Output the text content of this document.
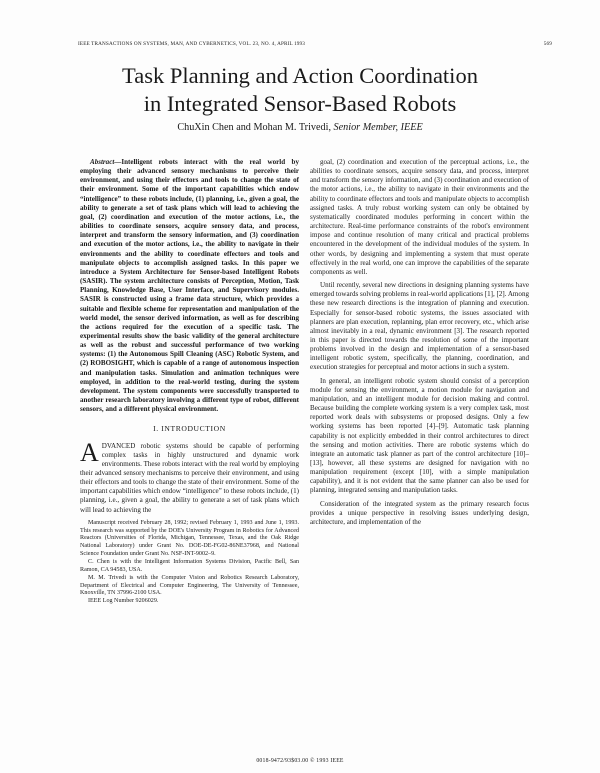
IEEE TRANSACTIONS ON SYSTEMS, MAN, AND CYBERNETICS, VOL. 23, NO. 4, APRIL 1993	569
Task Planning and Action Coordination
in Integrated Sensor-Based Robots
ChuXin Chen and Mohan M. Trivedi, Senior Member, IEEE

Abstract—Intelligent robots interact with the real world by employing their advanced sensory mechanisms to perceive their environment, and using their effectors and tools to change the state of their environment. Some of the important capabilities which endow “intelligence” to these robots include, (1) planning, i.e., given a goal, the ability to generate a set of task plans which will lead to achieving the goal, (2) coordination and execution of the motor actions, i.e., the abilities to coordinate sensors, acquire sensory data, and process, interpret and transform the sensory information, and (3) coordination and execution of the motor actions, i.e., the ability to navigate in their environments and the ability to coordinate effectors and tools and manipulate objects to accomplish assigned tasks. In this paper we introduce a System Architecture for Sensor-based Intelligent Robots (SASIR). The system architecture consists of Perception, Motion, Task Planning, Knowledge Base, User Interface, and Supervisory modules. SASIR is constructed using a frame data structure, which provides a suitable and flexible scheme for representation and manipulation of the world model, the sensor derived information, as well as for describing the actions required for the execution of a specific task. The experimental results show the basic validity of the general architecture as well as the robust and successful performance of two working systems: (1) the Autonomous Spill Cleaning (ASC) Robotic System, and (2) ROBOSIGHT, which is capable of a range of autonomous inspection and manipulation tasks. Simulation and animation techniques were employed, in addition to the real-world testing, during the system development. The system components were successfully transported to another research laboratory involving a different type of robot, different sensors, and a different physical environment.

I. INTRODUCTION

ADVANCED robotic systems should be capable of performing complex tasks in highly unstructured and dynamic work environments. These robots interact with the real world by employing their advanced sensory mechanisms to perceive their environment, and using their effectors and tools to change the state of their environment. Some of the important capabilities which endow “intelligence” to these robots include, (1) planning, i.e., given a goal, the ability to generate a set of task plans which will lead to achieving the

Manuscript received February 28, 1992; revised February 1, 1993 and June 1, 1993. This research was supported by the DOE's University Program in Robotics for Advanced Reactors (Universities of Florida, Michigan, Tennessee, Texas, and the Oak Ridge National Laboratory) under Grant No. DOE-DE-FG02-86NE37968, and National Science Foundation under Grant No. NSF-INT-9002–9.

C. Chen is with the Intelligent Information Systems Division, Pacific Bell, San Ramon, CA 94583, USA.

M. M. Trivedi is with the Computer Vision and Robotics Research Laboratory, Department of Electrical and Computer Engineering, The University of Tennessee, Knoxville, TN 37996-2100 USA.

IEEE Log Number 9206029.

goal, (2) coordination and execution of the perceptual actions, i.e., the abilities to coordinate sensors, acquire sensory data, and process, interpret and transform the sensory information, and (3) coordination and execution of the motor actions, i.e., the ability to navigate in their environments and the ability to coordinate effectors and tools and manipulate objects to accomplish assigned tasks. A truly robust working system can only be obtained by systematically coordinated modules performing in concert within the architecture. Real-time performance constraints of the robot's environment impose and continue resolution of many critical and practical problems encountered in the development of the individual modules of the system. In other words, by designing and implementing a system that must operate effectively in the real world, one can improve the capabilities of the separate components as well.

Until recently, several new directions in designing planning systems have emerged towards solving problems in real-world applications [1], [2]. Among these new research directions is the integration of planning and execution. Especially for sensor-based robotic systems, the issues associated with planners are plan execution, replanning, plan error recovery, etc., which arise almost inevitably in a real, dynamic environment [3]. The research reported in this paper is directed towards the resolution of some of the important problems involved in the design and implementation of a sensor-based intelligent robotic system, specifically, the planning, coordination, and execution strategies for perceptual and motor actions in such a system.

In general, an intelligent robotic system should consist of a perception module for sensing the environment, a motion module for navigation and manipulation, and an intelligent module for decision making and control. Because building the complete working system is a very complex task, most reported work deals with subsystems or proposed designs. Only a few working systems has been reported [4]–[9]. Automatic task planning capability is not explicitly embedded in their control architectures to direct the sensing and motion activities. There are robotic systems which do integrate an automatic task planner as part of the control architecture [10]–[13], however, all these systems are designed for navigation with no manipulation requirement (except [10], with a simple manipulation capability), and it is not evident that the same planner can also be used for planning, integrated sensing and manipulation tasks.

Consideration of the integrated system as the primary research focus provides a unique perspective in resolving issues underlying design, architecture, and implementation of the

0018-9472/93$03.00 © 1993 IEEE
